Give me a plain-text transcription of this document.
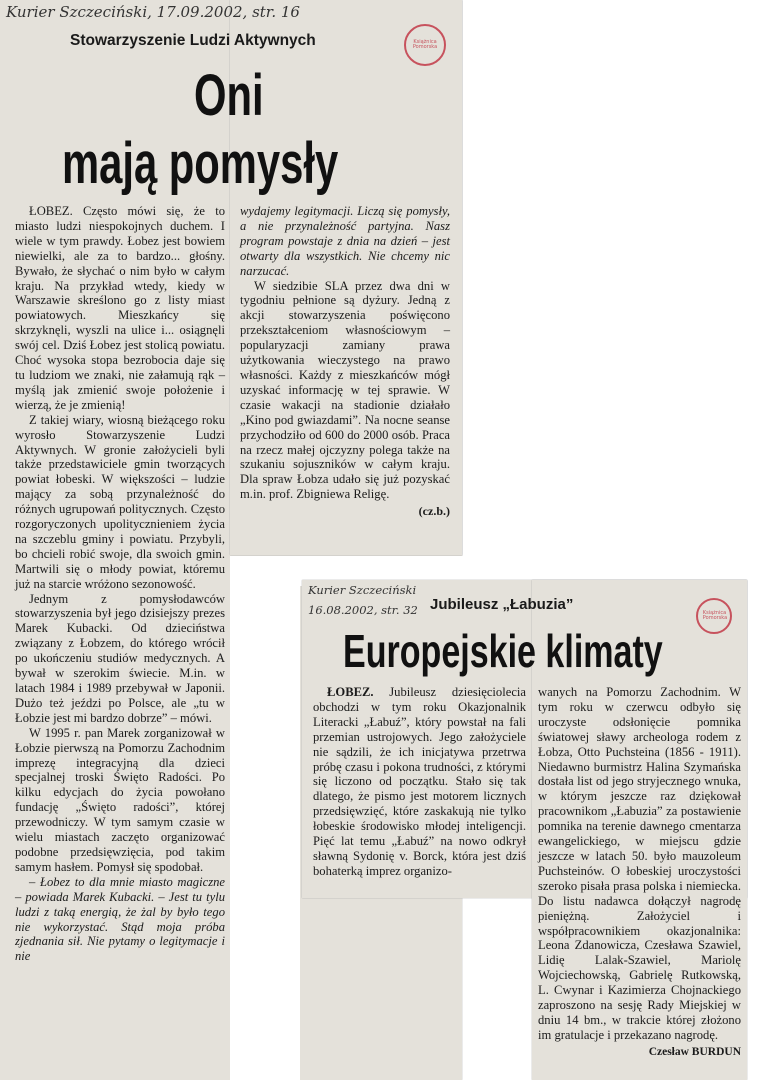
Kurier Szczeciński, 17.09.2002, str. 16
Książnica Pomorska
Stowarzyszenie Ludzi Aktywnych
Oni
mają pomysły

ŁOBEZ. Często mówi się, że to miasto ludzi niespokojnych duchem. I wiele w tym prawdy. Łobez jest bowiem niewielki, ale za to bardzo... głośny. Bywało, że słychać o nim było w całym kraju. Na przykład wtedy, kiedy w Warszawie skreślono go z listy miast powiatowych. Mieszkańcy się skrzyknęli, wyszli na ulice i... osiągnęli swój cel. Dziś Łobez jest stolicą powiatu. Choć wysoka stopa bezrobocia daje się tu ludziom we znaki, nie załamują rąk – myślą jak zmienić swoje położenie i wierzą, że je zmienią!

Z takiej wiary, wiosną bieżącego roku wyrosło Stowarzyszenie Ludzi Aktywnych. W gronie założycieli byli także przedstawiciele gmin tworzących powiat łobeski. W większości – ludzie mający za sobą przynależność do różnych ugrupowań politycznych. Często rozgoryczonych upolitycznieniem życia na szczeblu gminy i powiatu. Przybyli, bo chcieli robić swoje, dla swoich gmin. Martwili się o młody powiat, któremu już na starcie wróżono sezonowość.

Jednym z pomysłodawców stowarzyszenia był jego dzisiejszy prezes Marek Kubacki. Od dzieciństwa związany z Łobzem, do którego wrócił po ukończeniu studiów medycznych. A bywał w szerokim świecie. M.in. w latach 1984 i 1989 przebywał w Japonii. Dużo też jeździ po Polsce, ale „tu w Łobzie jest mi bardzo dobrze” – mówi.

W 1995 r. pan Marek zorganizował w Łobzie pierwszą na Pomorzu Zachodnim imprezę integracyjną dla dzieci specjalnej troski Święto Radości. Po kilku edycjach do życia powołano fundację „Święto radości”, której przewodniczy. W tym samym czasie w wielu miastach zaczęto organizować podobne przedsięwzięcia, pod takim samym hasłem. Pomysł się spodobał.

– Łobez to dla mnie miasto magiczne – powiada Marek Kubacki. – Jest tu tylu ludzi z taką energią, że żal by było tego nie wykorzystać. Stąd moja próba zjednania sił. Nie pytamy o legitymacje i nie

wydajemy legitymacji. Liczą się pomysły, a nie przynależność partyjna. Nasz program powstaje z dnia na dzień – jest otwarty dla wszystkich. Nie chcemy nic narzucać.

W siedzibie SLA przez dwa dni w tygodniu pełnione są dyżury. Jedną z akcji stowarzyszenia poświęcono przekształceniom własnościowym – popularyzacji zamiany prawa użytkowania wieczystego na prawo własności. Każdy z mieszkańców mógł uzyskać informację w tej sprawie. W czasie wakacji na stadionie działało „Kino pod gwiazdami”. Na nocne seanse przychodziło od 600 do 2000 osób. Praca na rzecz małej ojczyzny polega także na szukaniu sojuszników w całym kraju. Dla spraw Łobza udało się już pozyskać m.in. prof. Zbigniewa Religę.

(cz.b.)
Kurier Szczeciński
16.08.2002, str. 32	Książnica Pomorska
Jubileusz „Łabuzia”
Europejskie klimaty

ŁOBEZ. Jubileusz dziesięciolecia obchodzi w tym roku Okazjonalnik Literacki „Łabuź”, który powstał na fali przemian ustrojowych. Jego założyciele nie sądzili, że ich inicjatywa przetrwa próbę czasu i pokona trudności, z którymi się liczono od początku. Stało się tak dlatego, że pismo jest motorem licznych przedsięwzięć, które zaskakują nie tylko łobeskie środowisko młodej inteligencji. Pięć lat temu „Łabuź” na nowo odkrył sławną Sydonię v. Borck, która jest dziś bohaterką imprez organizo-

wanych na Pomorzu Zachodnim. W tym roku w czerwcu odbyło się uroczyste odsłonięcie pomnika światowej sławy archeologa rodem z Łobza, Otto Puchsteina (1856 - 1911). Niedawno burmistrz Halina Szymańska dostała list od jego stryjecznego wnuka, w którym jeszcze raz dziękował pracownikom „Łabuzia” za postawienie pomnika na terenie dawnego cmentarza ewangelickiego, w miejscu gdzie jeszcze w latach 50. było mauzoleum Puchsteinów. O łobeskiej uroczystości szeroko pisała prasa polska i niemiecka. Do listu nadawca dołączył nagrodę pieniężną. Założyciel i współpracownikiem okazjonalnika: Leona Zdanowicza, Czesława Szawiel, Lidię Lalak-Szawiel, Mariolę Wojciechowską, Gabrielę Rutkowską, L. Cwynar i Kazimierza Chojnackiego zaproszono na sesję Rady Miejskiej w dniu 14 bm., w trakcie której złożono im gratulacje i przekazano nagrodę.

Czesław BURDUN
